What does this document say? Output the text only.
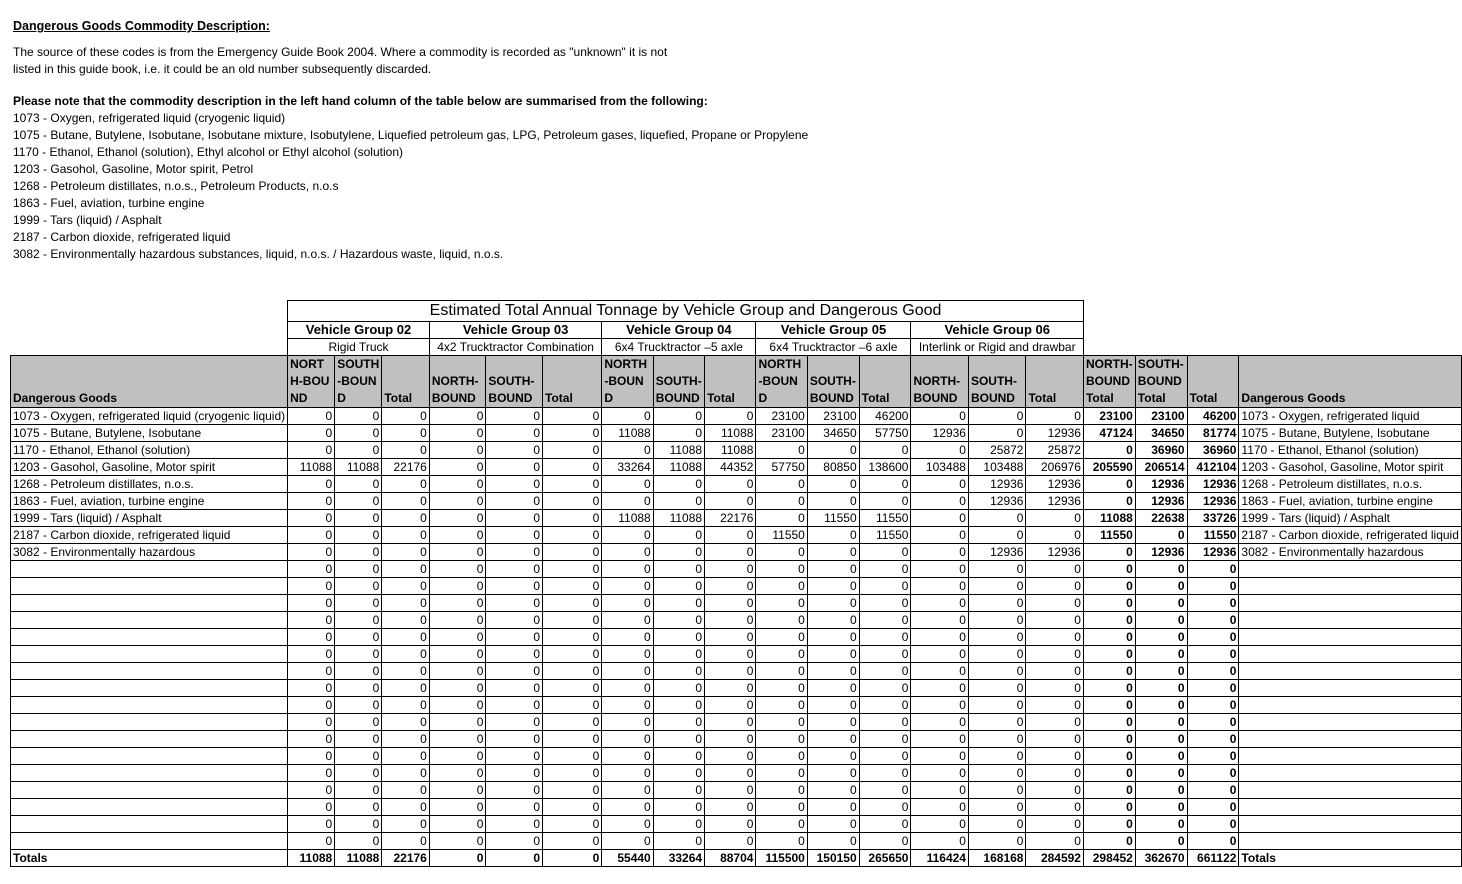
Dangerous Goods Commodity Description:

The source of these codes is from the Emergency Guide Book 2004. Where a commodity is recorded as "unknown" it is not

listed in this guide book, i.e. it could be an old number subsequently discarded.

Please note that the commodity description in the left hand column of the table below are summarised from the following:

1073 - Oxygen, refrigerated liquid (cryogenic liquid)

1075 - Butane, Butylene, Isobutane, Isobutane mixture, Isobutylene, Liquefied petroleum gas, LPG, Petroleum gases, liquefied, Propane or Propylene

1170 - Ethanol, Ethanol (solution), Ethyl alcohol or Ethyl alcohol (solution)

1203 - Gasohol, Gasoline, Motor spirit, Petrol

1268 - Petroleum distillates, n.o.s., Petroleum Products, n.o.s

1863 - Fuel, aviation, turbine engine

1999 - Tars (liquid) / Asphalt

2187 - Carbon dioxide, refrigerated liquid

3082 - Environmentally hazardous substances, liquid, n.o.s. / Hazardous waste, liquid, n.o.s.

	Estimated Total Annual Tonnage by Vehicle Group and Dangerous Good																		
	Vehicle Group 02			Vehicle Group 03			Vehicle Group 04			Vehicle Group 05			Vehicle Group 06						
	Rigid Truck			4x2 Trucktractor Combination			6x4 Trucktractor –5 axle			6x4 Trucktractor –6 axle			Interlink or Rigid and drawbar						
Dangerous Goods	NORTH-BOUND	SOUTH-BOUND	Total	NORTH-BOUND	SOUTH-BOUND	Total	NORTH-BOUND	SOUTH-BOUND	Total	NORTH-BOUND	SOUTH-BOUND	Total	NORTH-BOUND	SOUTH-BOUND	Total	NORTH-BOUND Total	SOUTH-BOUND Total	Total	Dangerous Goods
1073 - Oxygen, refrigerated liquid (cryogenic liquid)	0	0	0	0	0	0	0	0	0	23100	23100	46200	0	0	0	23100	23100	46200	1073 - Oxygen, refrigerated liquid
1075 - Butane, Butylene, Isobutane	0	0	0	0	0	0	11088	0	11088	23100	34650	57750	12936	0	12936	47124	34650	81774	1075 - Butane, Butylene, Isobutane
1170 - Ethanol, Ethanol (solution)	0	0	0	0	0	0	0	11088	11088	0	0	0	0	25872	25872	0	36960	36960	1170 - Ethanol, Ethanol (solution)
1203 - Gasohol, Gasoline, Motor spirit	11088	11088	22176	0	0	0	33264	11088	44352	57750	80850	138600	103488	103488	206976	205590	206514	412104	1203 - Gasohol, Gasoline, Motor spirit
1268 - Petroleum distillates, n.o.s.	0	0	0	0	0	0	0	0	0	0	0	0	0	12936	12936	0	12936	12936	1268 - Petroleum distillates, n.o.s.
1863 - Fuel, aviation, turbine engine	0	0	0	0	0	0	0	0	0	0	0	0	0	12936	12936	0	12936	12936	1863 - Fuel, aviation, turbine engine
1999 - Tars (liquid) / Asphalt	0	0	0	0	0	0	11088	11088	22176	0	11550	11550	0	0	0	11088	22638	33726	1999 - Tars (liquid) / Asphalt
2187 - Carbon dioxide, refrigerated liquid	0	0	0	0	0	0	0	0	0	11550	0	11550	0	0	0	11550	0	11550	2187 - Carbon dioxide, refrigerated liquid
3082 - Environmentally hazardous	0	0	0	0	0	0	0	0	0	0	0	0	0	12936	12936	0	12936	12936	3082 - Environmentally hazardous
	0	0	0	0	0	0	0	0	0	0	0	0	0	0	0	0	0	0	
	0	0	0	0	0	0	0	0	0	0	0	0	0	0	0	0	0	0	
	0	0	0	0	0	0	0	0	0	0	0	0	0	0	0	0	0	0	
	0	0	0	0	0	0	0	0	0	0	0	0	0	0	0	0	0	0	
	0	0	0	0	0	0	0	0	0	0	0	0	0	0	0	0	0	0	
	0	0	0	0	0	0	0	0	0	0	0	0	0	0	0	0	0	0	
	0	0	0	0	0	0	0	0	0	0	0	0	0	0	0	0	0	0	
	0	0	0	0	0	0	0	0	0	0	0	0	0	0	0	0	0	0	
	0	0	0	0	0	0	0	0	0	0	0	0	0	0	0	0	0	0	
	0	0	0	0	0	0	0	0	0	0	0	0	0	0	0	0	0	0	
	0	0	0	0	0	0	0	0	0	0	0	0	0	0	0	0	0	0	
	0	0	0	0	0	0	0	0	0	0	0	0	0	0	0	0	0	0	
	0	0	0	0	0	0	0	0	0	0	0	0	0	0	0	0	0	0	
	0	0	0	0	0	0	0	0	0	0	0	0	0	0	0	0	0	0	
	0	0	0	0	0	0	0	0	0	0	0	0	0	0	0	0	0	0	
	0	0	0	0	0	0	0	0	0	0	0	0	0	0	0	0	0	0	
	0	0	0	0	0	0	0	0	0	0	0	0	0	0	0	0	0	0	
Totals	11088	11088	22176	0	0	0	55440	33264	88704	115500	150150	265650	116424	168168	284592	298452	362670	661122	Totals
